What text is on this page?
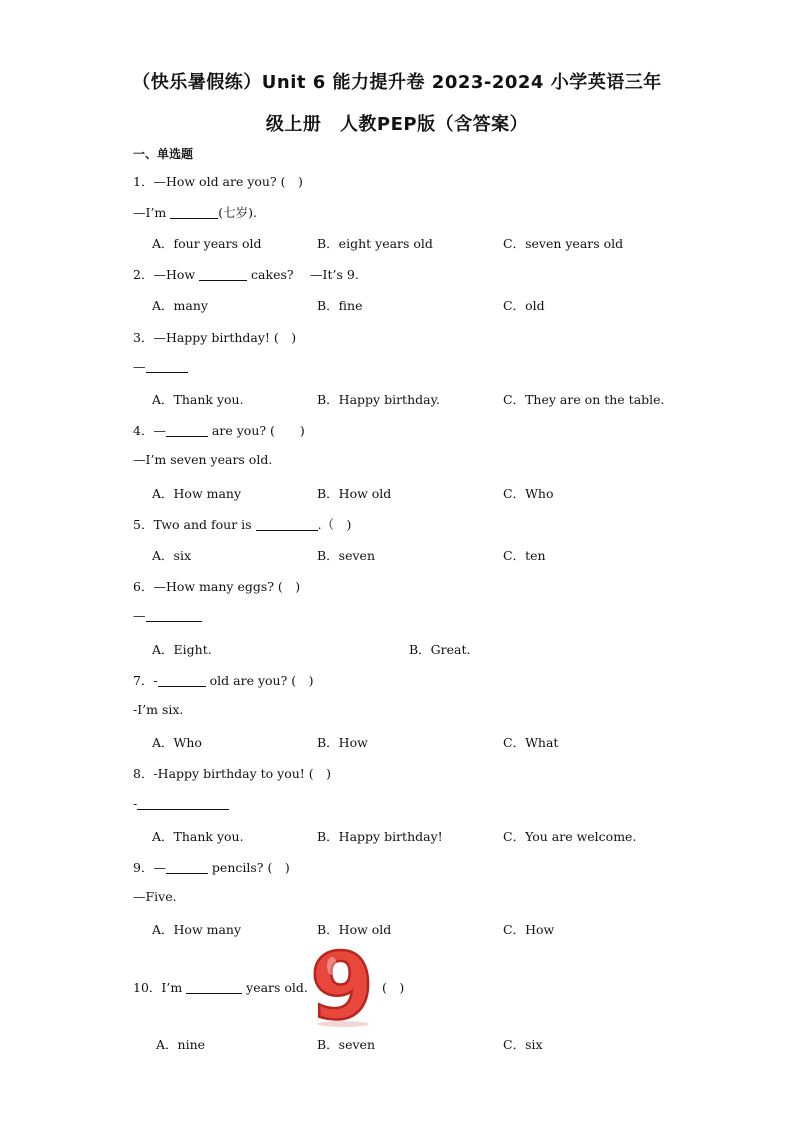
（快乐暑假练）Unit 6 能力提升卷 2023-2024 小学英语三年
级上册　人教PEP版（含答案）
一、单选题
1．—How old are you? (　)
—I’m	(七岁).
A．four years old	B．eight years old	C．seven years old
2．—How	cakes?　 —It’s 9.
A．many	B．fine	C．old
3．—Happy birthday! (　)
—
A．Thank you.	B．Happy birthday.	C．They are on the table.
4．—	are you? (　　)
—I’m seven years old.
A．How many	B．How old	C．Who
5．Two and four is	.（　)
A．six	B．seven	C．ten
6．—How many eggs? (　)
—
A．Eight.	B．Great.
7．-	old are you? (　)
-I’m six.
A．Who	B．How	C．What
8．-Happy birthday to you! (　)
-
A．Thank you.	B．Happy birthday!	C．You are welcome.
9．—	pencils? (　)
—Five.
A．How many	B．How old	C．How
10．I’m	years old.	(　)
9
A．nine	B．seven	C．six
